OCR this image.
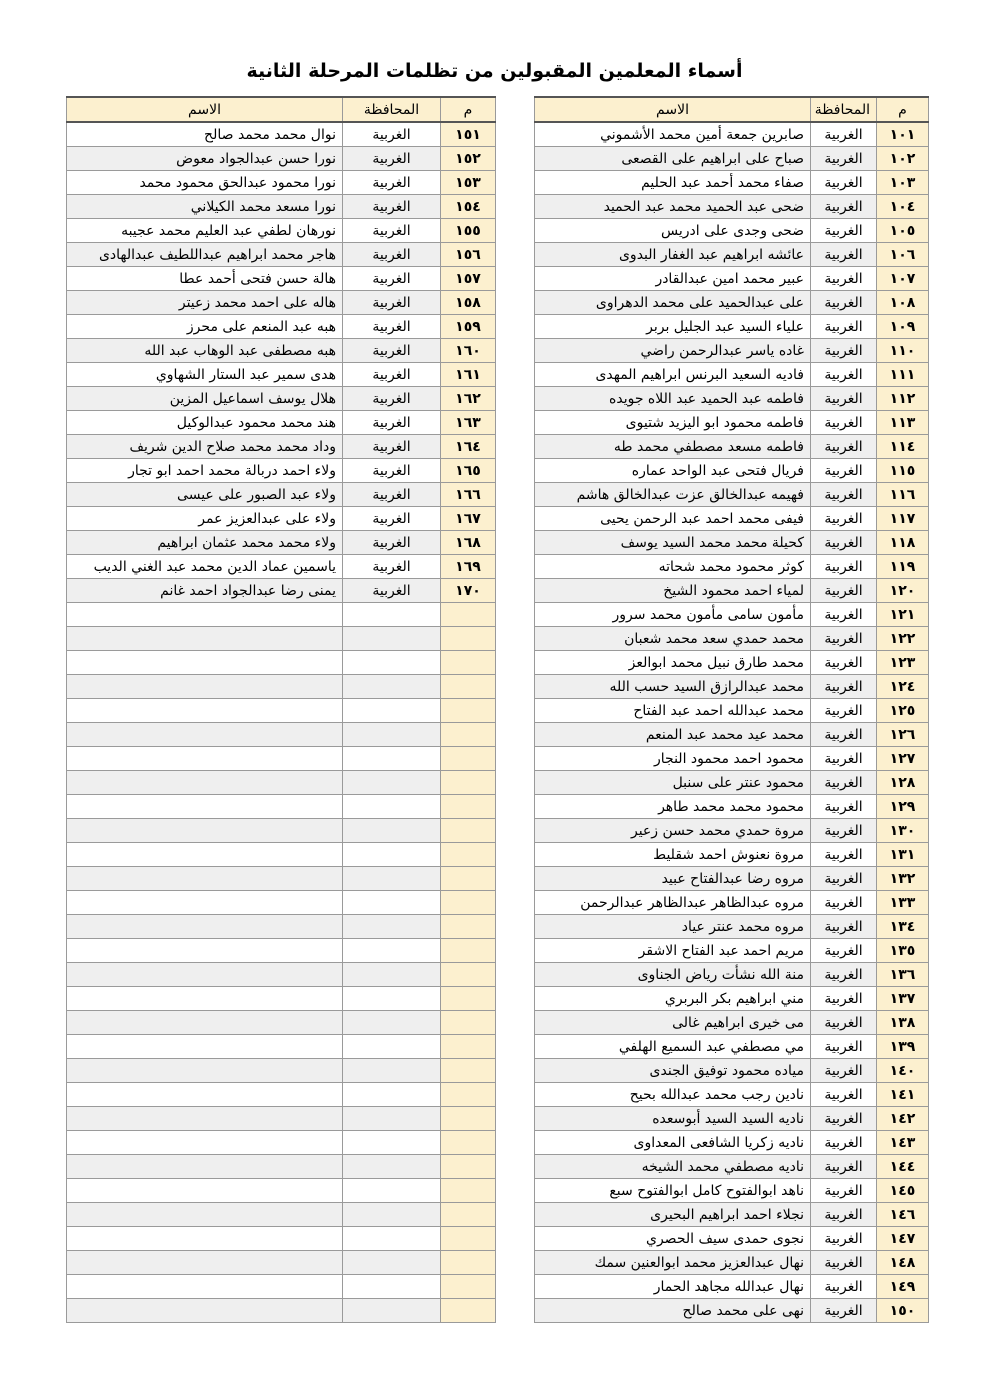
أسماء المعلمين المقبولين من تظلمات المرحلة الثانية
م	المحافظة	الاسم
١٠١	الغربية	صابرين جمعة أمين محمد الأشموني
١٠٢	الغربية	صباح على ابراهيم على القصعى
١٠٣	الغربية	صفاء محمد أحمد عبد الحليم
١٠٤	الغربية	ضحى عبد الحميد محمد عبد الحميد
١٠٥	الغربية	ضحى وجدى على ادريس
١٠٦	الغربية	عائشه ابراهيم عبد الغفار البدوى
١٠٧	الغربية	عبير محمد امين عبدالقادر
١٠٨	الغربية	على عبدالحميد على محمد الدهراوى
١٠٩	الغربية	علياء السيد عبد الجليل بربر
١١٠	الغربية	غاده ياسر عبدالرحمن راضي
١١١	الغربية	فاديه السعيد البرنس ابراهيم المهدى
١١٢	الغربية	فاطمه عبد الحميد عبد اللاه جويده
١١٣	الغربية	فاطمه محمود ابو اليزيد شتيوى
١١٤	الغربية	فاطمه مسعد مصطفي محمد طه
١١٥	الغربية	فريال فتحى عبد الواحد عماره
١١٦	الغربية	فهيمه عبدالخالق عزت عبدالخالق هاشم
١١٧	الغربية	فيفى محمد احمد عبد الرحمن يحيى
١١٨	الغربية	كحيلة محمد محمد السيد يوسف
١١٩	الغربية	كوثر محمود محمد شحاته
١٢٠	الغربية	لمياء احمد محمود الشيخ
١٢١	الغربية	مأمون سامى مأمون محمد سرور
١٢٢	الغربية	محمد حمدي سعد محمد شعبان
١٢٣	الغربية	محمد طارق نبيل محمد ابوالعز
١٢٤	الغربية	محمد عبدالرازق السيد حسب الله
١٢٥	الغربية	محمد عبدالله احمد عبد الفتاح
١٢٦	الغربية	محمد عيد محمد عبد المنعم
١٢٧	الغربية	محمود احمد محمود النجار
١٢٨	الغربية	محمود عنتر على سنبل
١٢٩	الغربية	محمود محمد محمد طاهر
١٣٠	الغربية	مروة حمدي محمد حسن زعير
١٣١	الغربية	مروة نعنوش احمد شقليط
١٣٢	الغربية	مروه رضا عبدالفتاح عبيد
١٣٣	الغربية	مروه عبدالظاهر عبدالظاهر عبدالرحمن
١٣٤	الغربية	مروه محمد عنتر عياد
١٣٥	الغربية	مريم احمد عبد الفتاح الاشقر
١٣٦	الغربية	منة الله نشأت رياض الجناوى
١٣٧	الغربية	مني ابراهيم بكر البربري
١٣٨	الغربية	مى خيرى ابراهيم غالى
١٣٩	الغربية	مي مصطفي عبد السميع الهلفي
١٤٠	الغربية	مياده محمود توفيق الجندى
١٤١	الغربية	نادين رجب محمد عبدالله بحيح
١٤٢	الغربية	ناديه السيد السيد أبوسعده
١٤٣	الغربية	ناديه زكريا الشافعى المعداوى
١٤٤	الغربية	ناديه مصطفي محمد الشيخه
١٤٥	الغربية	ناهد ابوالفتوح كامل ابوالفتوح سبع
١٤٦	الغربية	نجلاء احمد ابراهيم البحيرى
١٤٧	الغربية	نجوى حمدى سيف الحصري
١٤٨	الغربية	نهال عبدالعزيز محمد ابوالعنين سمك
١٤٩	الغربية	نهال عبدالله مجاهد الحمار
١٥٠	الغربية	نهى على محمد صالح
م	المحافظة	الاسم
١٥١	الغربية	نوال محمد محمد صالح
١٥٢	الغربية	نورا حسن عبدالجواد معوض
١٥٣	الغربية	نورا محمود عبدالحق محمود محمد
١٥٤	الغربية	نورا مسعد محمد الكيلاني
١٥٥	الغربية	نورهان لطفي عبد العليم محمد عجيبه
١٥٦	الغربية	هاجر محمد ابراهيم عبداللطيف عبدالهادى
١٥٧	الغربية	هالة حسن فتحى أحمد عطا
١٥٨	الغربية	هاله على احمد محمد زعيتر
١٥٩	الغربية	هبه عبد المنعم على محرز
١٦٠	الغربية	هبه مصطفى عبد الوهاب عبد الله
١٦١	الغربية	هدى سمير عبد الستار الشهاوي
١٦٢	الغربية	هلال يوسف اسماعيل المزين
١٦٣	الغربية	هند محمد محمود عبدالوكيل
١٦٤	الغربية	وداد محمد محمد صلاح الدين شريف
١٦٥	الغربية	ولاء احمد دربالة محمد احمد ابو تجار
١٦٦	الغربية	ولاء عبد الصبور على عيسى
١٦٧	الغربية	ولاء على عبدالعزيز عمر
١٦٨	الغربية	ولاء محمد محمد عثمان ابراهيم
١٦٩	الغربية	ياسمين عماد الدين محمد عبد الغني الديب
١٧٠	الغربية	يمنى رضا عبدالجواد احمد غانم
